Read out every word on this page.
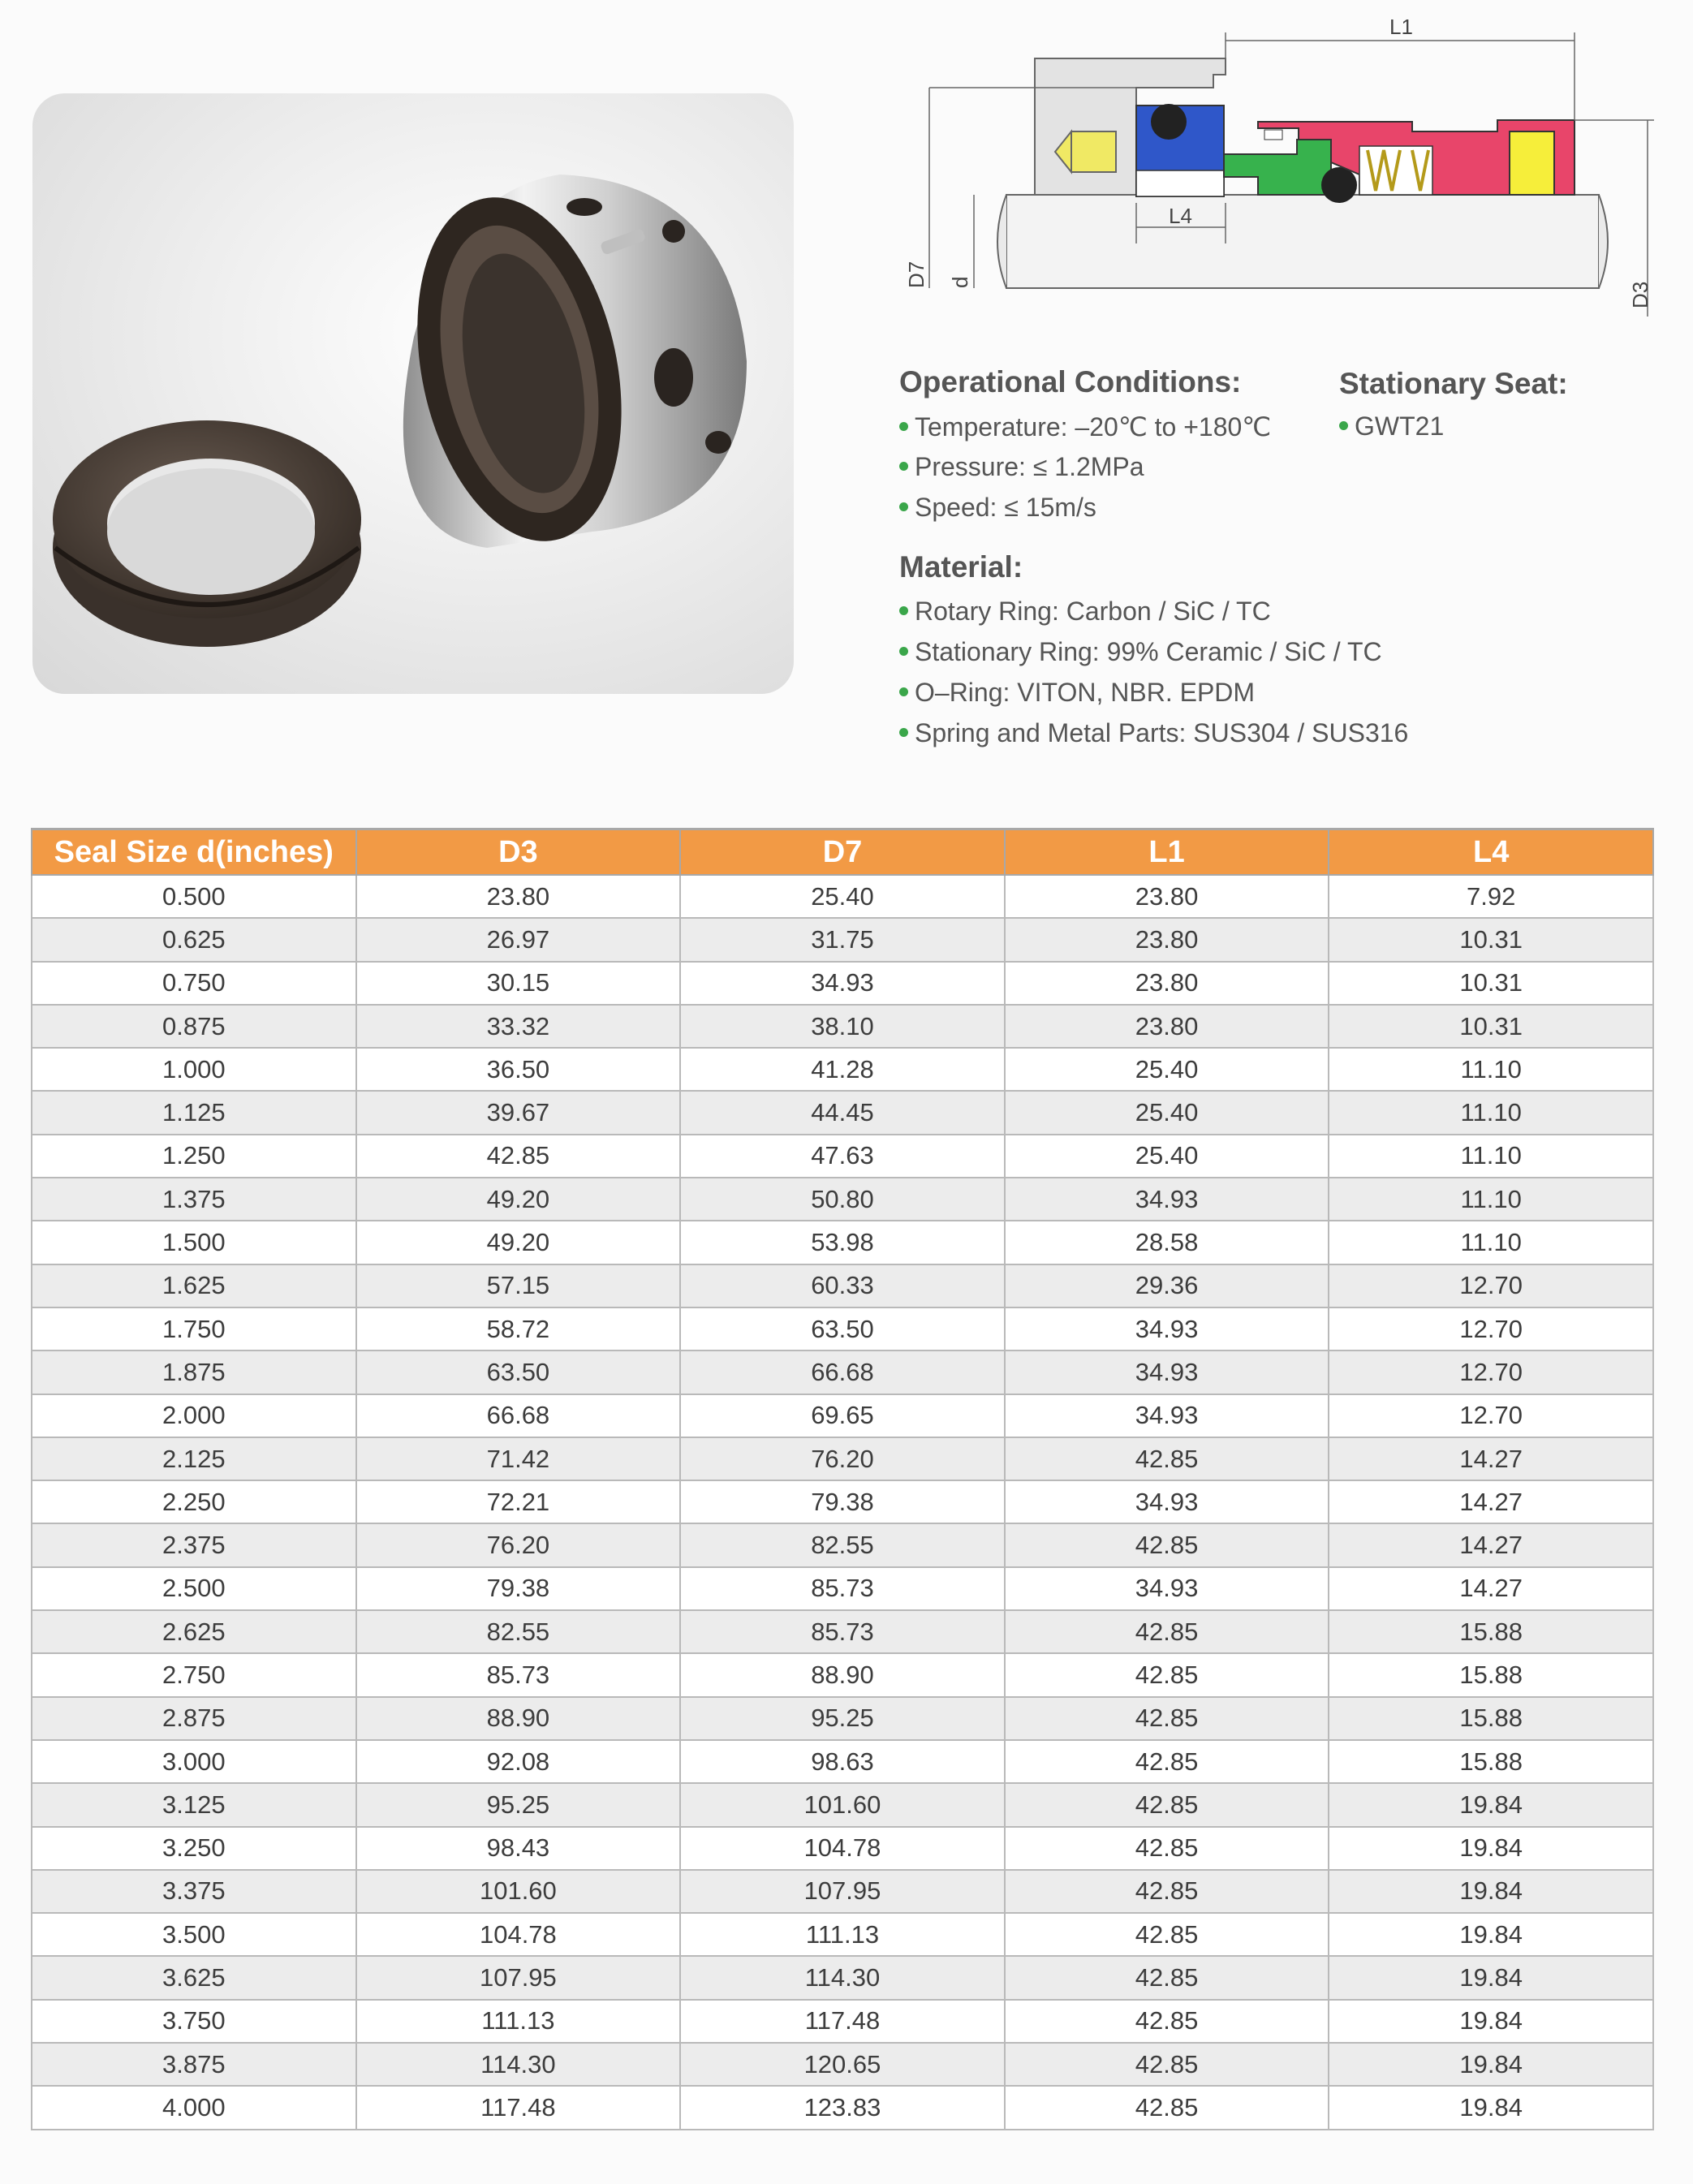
L1
L4
D7 d	D3
Operational Conditions:
Temperature: –20℃ to +180℃
Pressure: ≤ 1.2MPa
Speed: ≤ 15m/s
Stationary Seat:
GWT21
Material:
Rotary Ring: Carbon / SiC / TC
Stationary Ring: 99% Ceramic / SiC / TC
O–Ring: VITON, NBR. EPDM
Spring and Metal Parts: SUS304 / SUS316
Seal Size d(inches)	D3	D7	L1	L4
0.500	23.80	25.40	23.80	7.92
0.625	26.97	31.75	23.80	10.31
0.750	30.15	34.93	23.80	10.31
0.875	33.32	38.10	23.80	10.31
1.000	36.50	41.28	25.40	11.10
1.125	39.67	44.45	25.40	11.10
1.250	42.85	47.63	25.40	11.10
1.375	49.20	50.80	34.93	11.10
1.500	49.20	53.98	28.58	11.10
1.625	57.15	60.33	29.36	12.70
1.750	58.72	63.50	34.93	12.70
1.875	63.50	66.68	34.93	12.70
2.000	66.68	69.65	34.93	12.70
2.125	71.42	76.20	42.85	14.27
2.250	72.21	79.38	34.93	14.27
2.375	76.20	82.55	42.85	14.27
2.500	79.38	85.73	34.93	14.27
2.625	82.55	85.73	42.85	15.88
2.750	85.73	88.90	42.85	15.88
2.875	88.90	95.25	42.85	15.88
3.000	92.08	98.63	42.85	15.88
3.125	95.25	101.60	42.85	19.84
3.250	98.43	104.78	42.85	19.84
3.375	101.60	107.95	42.85	19.84
3.500	104.78	111.13	42.85	19.84
3.625	107.95	114.30	42.85	19.84
3.750	111.13	117.48	42.85	19.84
3.875	114.30	120.65	42.85	19.84
4.000	117.48	123.83	42.85	19.84
